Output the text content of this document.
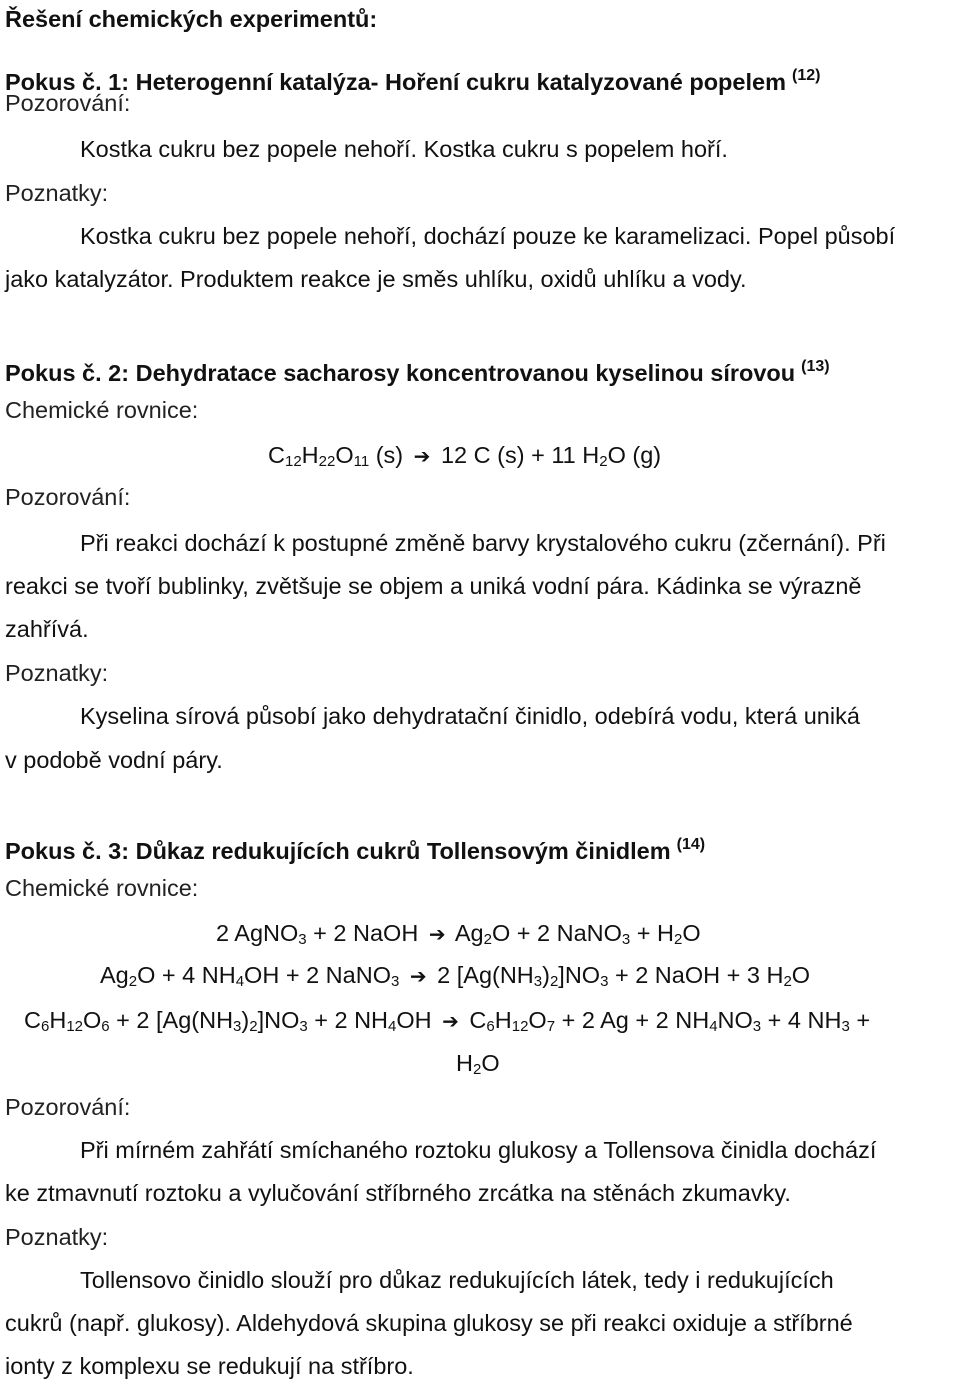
Řešení chemických experimentů:
Pokus č. 1: Heterogenní katalýza- Hoření cukru katalyzované popelem $^{(12)}$
Pozorování:
Kostka cukru bez popele nehoří. Kostka cukru s popelem hoří.
Poznatky:
Kostka cukru bez popele nehoří, dochází pouze ke karamelizaci. Popel působí
jako katalyzátor. Produktem reakce je směs uhlíku, oxidů uhlíku a vody.
Pokus č. 2: Dehydratace sacharosy koncentrovanou kyselinou sírovou $^{(13)}$
Chemické rovnice:
$C_{12}H_{22}O_{11}$ (s) ➔ 12 C (s) + 11 $H_2O$ (g)
Pozorování:
Při reakci dochází k postupné změně barvy krystalového cukru (zčernání). Při
reakci se tvoří bublinky, zvětšuje se objem a uniká vodní pára. Kádinka se výrazně
zahřívá.
Poznatky:
Kyselina sírová působí jako dehydratační činidlo, odebírá vodu, která uniká
v podobě vodní páry.
Pokus č. 3: Důkaz redukujících cukrů Tollensovým činidlem $^{(14)}$
Chemické rovnice:
2 AgNO$_3$ + 2 NaOH ➔ $Ag_2O + 2$ NaNO$_3$ + $H_2O$
$Ag_2O + 4$ $NH_4OH + 2$ NaNO$_3$ ➔ 2 $[Ag(NH_3)_2]NO_3 + 2$ NaOH + 3 $H_2O$
$C_6H_{12}O_6 + 2$ $[Ag(NH_3)_2]NO_3 + 2$ $NH_4OH$ ➔ $C_6H_{12}O_7 + 2$ Ag + 2 $NH_4NO_3 + 4$ $NH_3$ +
$H_2O$
Pozorování:
Při mírném zahřátí smíchaného roztoku glukosy a Tollensova činidla dochází
ke ztmavnutí roztoku a vylučování stříbrného zrcátka na stěnách zkumavky.
Poznatky:
Tollensovo činidlo slouží pro důkaz redukujících látek, tedy i redukujících
cukrů (např. glukosy). Aldehydová skupina glukosy se při reakci oxiduje a stříbrné
ionty z komplexu se redukují na stříbro.
